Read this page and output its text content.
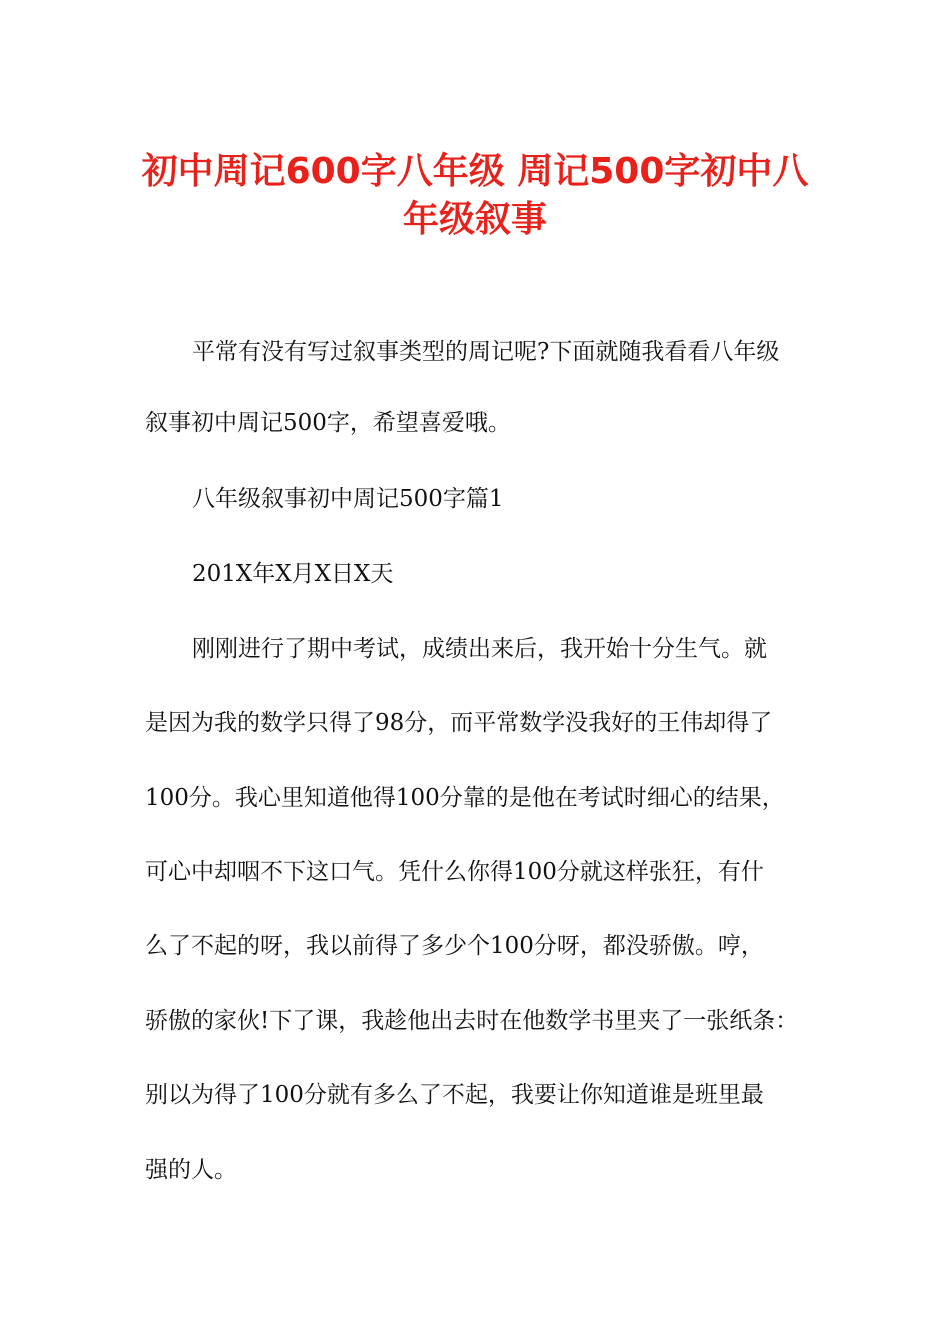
初中周记600字八年级 周记500字初中八
年级叙事

平常有没有写过叙事类型的周记呢?下面就随我看看八年级

叙事初中周记500字，希望喜爱哦。

八年级叙事初中周记500字篇1

201X年X月X日X天

刚刚进行了期中考试，成绩出来后，我开始十分生气。就

是因为我的数学只得了98分，而平常数学没我好的王伟却得了

100分。我心里知道他得100分靠的是他在考试时细心的结果，

可心中却咽不下这口气。凭什么你得100分就这样张狂，有什

么了不起的呀，我以前得了多少个100分呀，都没骄傲。哼，

骄傲的家伙!下了课，我趁他出去时在他数学书里夹了一张纸条：

别以为得了100分就有多么了不起，我要让你知道谁是班里最

强的人。
